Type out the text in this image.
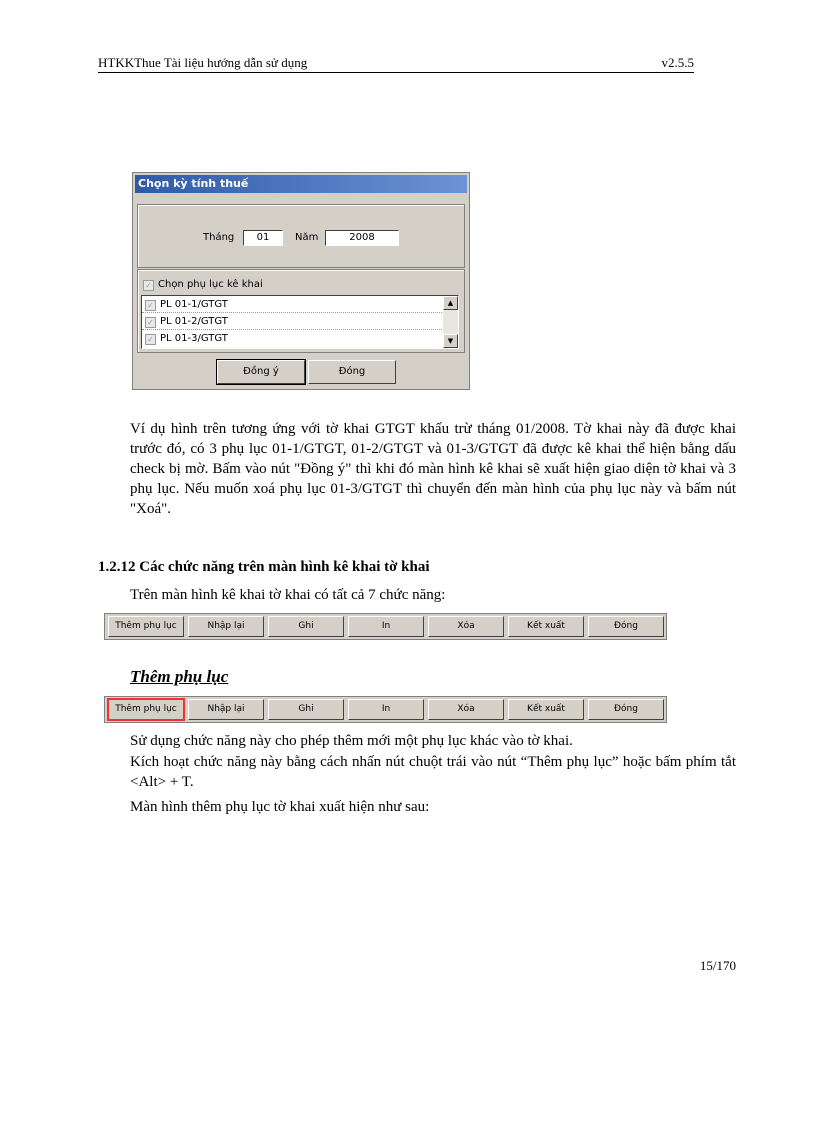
HTKKThue Tài liệu hướng dẫn sử dụng	v2.5.5
Chọn kỳ tính thuế
Tháng	01	Năm	2008
✓ Chọn phụ lục kê khai
✓ PL 01-1/GTGT
✓ PL 01-2/GTGT
✓ PL 01-3/GTGT
▲
▼
Đồng ý	Đóng
Ví dụ hình trên tương ứng với tờ khai GTGT khấu trừ tháng 01/2008. Tờ khai này đã được khai trước đó, có 3 phụ lục 01-1/GTGT, 01-2/GTGT và 01-3/GTGT đã được kê khai thể hiện bằng dấu check bị mờ. Bấm vào nút "Đồng ý" thì khi đó màn hình kê khai sẽ xuất hiện giao diện tờ khai và 3 phụ lục. Nếu muốn xoá phụ lục 01-3/GTGT thì chuyển đến màn hình của phụ lục này và bấm nút "Xoá".
1.2.12 Các chức năng trên màn hình kê khai tờ khai
Trên màn hình kê khai tờ khai có tất cả 7 chức năng:
Thêm phụ lục	Nhập lại	Ghi	In	Xóa	Kết xuất	Đóng
Thêm phụ lục
Thêm phụ lục	Nhập lại	Ghi	In	Xóa	Kết xuất	Đóng
Sử dụng chức năng này cho phép thêm mới một phụ lục khác vào tờ khai.
Kích hoạt chức năng này bằng cách nhấn nút chuột trái vào nút “Thêm phụ lục” hoặc bấm phím tắt <Alt> + T.
Màn hình thêm phụ lục tờ khai xuất hiện như sau:
15/170
